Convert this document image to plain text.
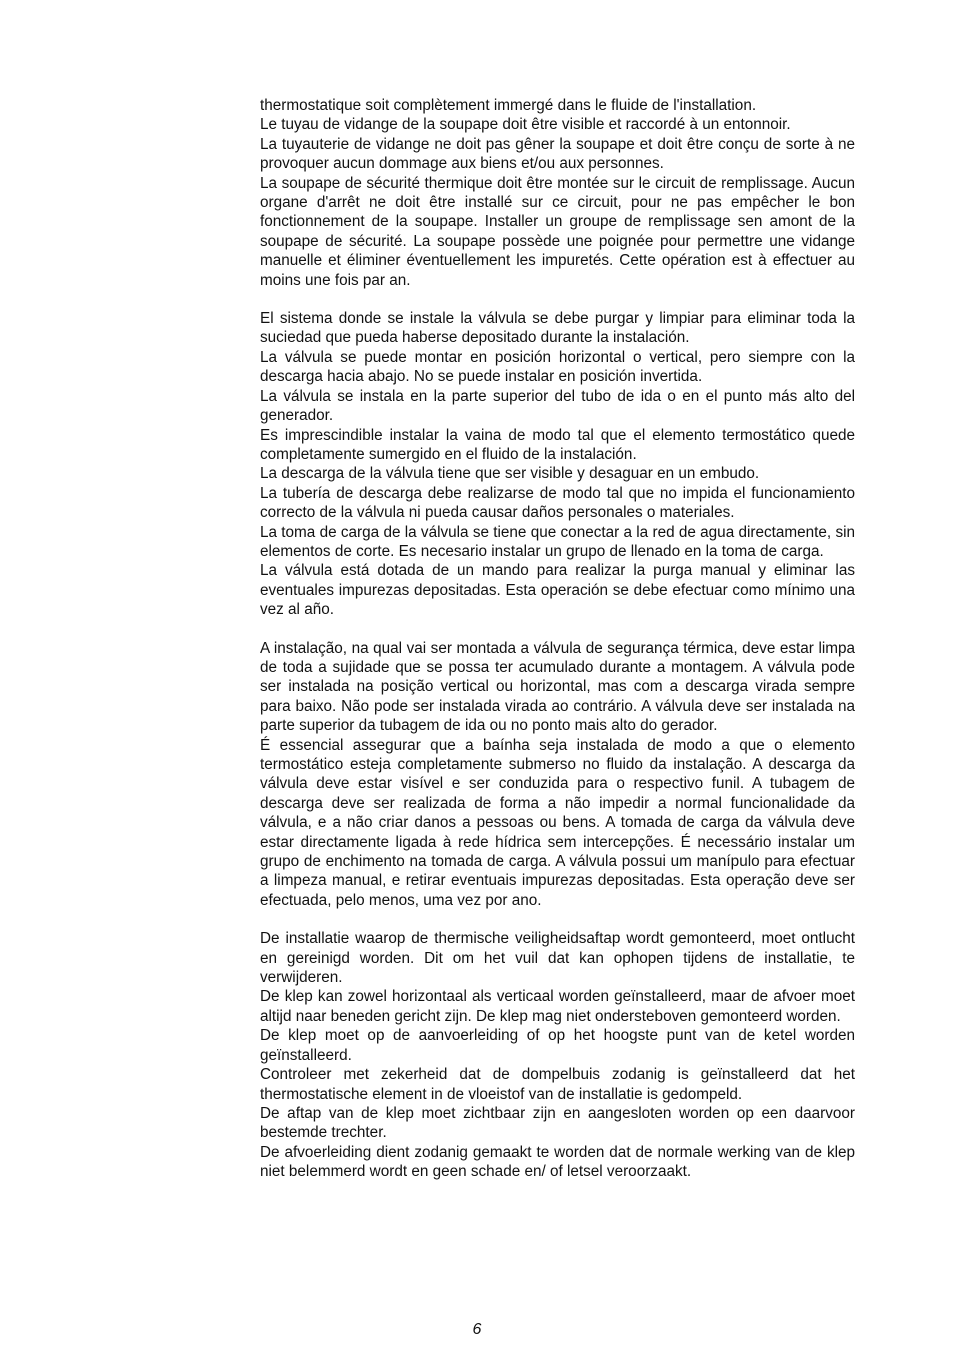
thermostatique soit complètement immergé dans le fluide de l'installation.

Le tuyau de vidange de la soupape doit être visible et raccordé à un entonnoir.

La tuyauterie de vidange ne doit pas gêner la soupape et doit être conçu de sorte à ne provoquer aucun dommage aux biens et/ou aux personnes.

La soupape de sécurité thermique doit être montée sur le circuit de remplissage. Aucun organe d'arrêt ne doit être installé sur ce circuit, pour ne pas empêcher le bon fonctionnement de la soupape. Installer un groupe de remplissage sen amont de la soupape de sécurité. La soupape possède une poignée pour permettre une vidange manuelle et éliminer éventuellement les impuretés. Cette opération est à effectuer au moins une fois par an.

El sistema donde se instale la válvula se debe purgar y limpiar para eliminar toda la suciedad que pueda haberse depositado durante la instalación.

La válvula se puede montar en posición horizontal o vertical, pero siempre con la descarga hacia abajo. No se puede instalar en posición invertida.

La válvula se instala en la parte superior del tubo de ida o en el punto más alto del generador.

Es imprescindible instalar la vaina de modo tal que el elemento termostático quede completamente sumergido en el fluido de la instalación.

La descarga de la válvula tiene que ser visible y desaguar en un embudo.

La tubería de descarga debe realizarse de modo tal que no impida el funcionamiento correcto de la válvula ni pueda causar daños personales o materiales.

La toma de carga de la válvula se tiene que conectar a la red de agua directamente, sin elementos de corte. Es necesario instalar un grupo de llenado en la toma de carga.

La válvula está dotada de un mando para realizar la purga manual y eliminar las eventuales impurezas depositadas. Esta operación se debe efectuar como mínimo una vez al año.

A instalação, na qual vai ser montada a válvula de segurança térmica, deve estar limpa de toda a sujidade que se possa ter acumulado durante a montagem. A válvula pode ser instalada na posição vertical ou horizontal, mas com a descarga virada sempre para baixo. Não pode ser instalada virada ao contrário. A válvula deve ser instalada na parte superior da tubagem de ida ou no ponto mais alto do gerador.

É essencial assegurar que a baínha seja instalada de modo a que o elemento termostático esteja completamente submerso no fluido da instalação. A descarga da válvula deve estar visível e ser conduzida para o respectivo funil. A tubagem de descarga deve ser realizada de forma a não impedir a normal funcionalidade da válvula, e a não criar danos a pessoas ou bens. A tomada de carga da válvula deve estar directamente ligada à rede hídrica sem intercepções. É necessário instalar um grupo de enchimento na tomada de carga. A válvula possui um manípulo para efectuar a limpeza manual, e retirar eventuais impurezas depositadas. Esta operação deve ser efectuada, pelo menos, uma vez por ano.

De installatie waarop de thermische veiligheidsaftap wordt gemonteerd, moet ontlucht en gereinigd worden. Dit om het vuil dat kan ophopen tijdens de installatie, te verwijderen.

De klep kan zowel horizontaal als verticaal worden geïnstalleerd, maar de afvoer moet altijd naar beneden gericht zijn. De klep mag niet ondersteboven gemonteerd worden.

De klep moet op de aanvoerleiding of op het hoogste punt van de ketel worden geïnstalleerd.

Controleer met zekerheid dat de dompelbuis zodanig is geïnstalleerd dat het thermostatische element in de vloeistof van de installatie is gedompeld.

De aftap van de klep moet zichtbaar zijn en aangesloten worden op een daarvoor bestemde trechter.

De afvoerleiding dient zodanig gemaakt te worden dat de normale werking van de klep niet belemmerd wordt en geen schade en/ of letsel veroorzaakt.

6
